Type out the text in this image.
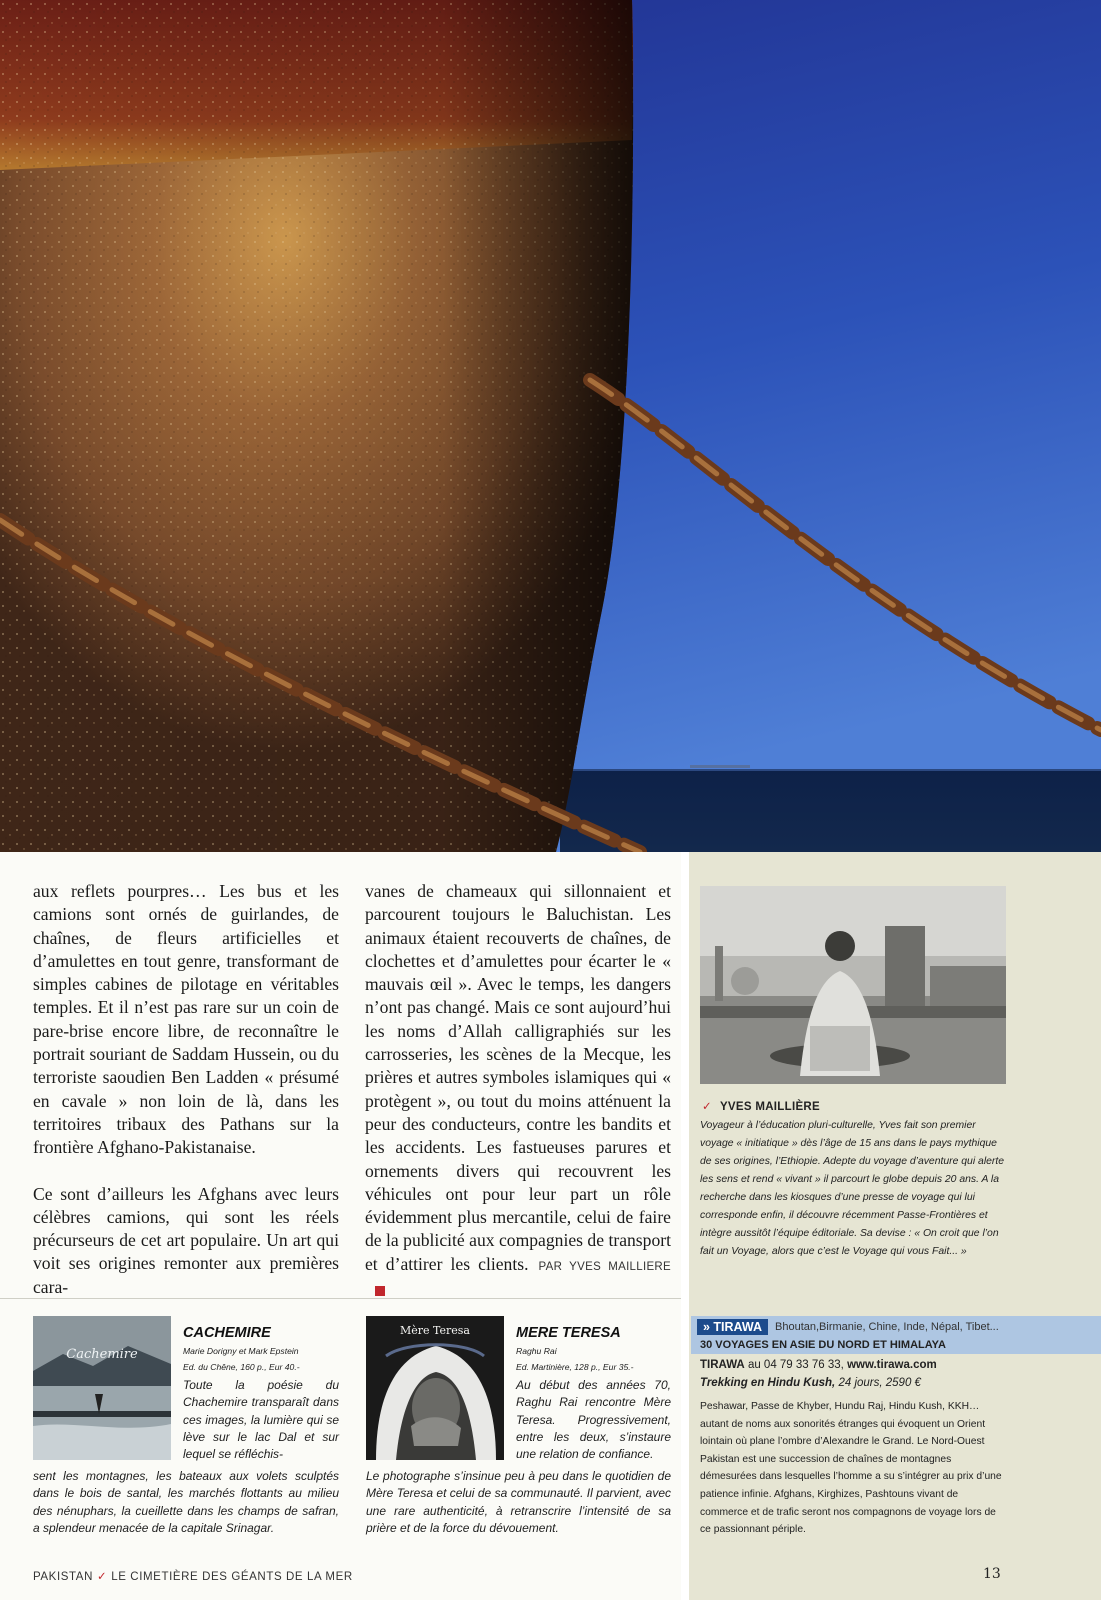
aux reflets pourpres… Les bus et les camions sont ornés de guirlandes, de chaînes, de fleurs artificielles et d’amulettes en tout genre, transformant de simples cabines de pilotage en véritables temples. Et il n’est pas rare sur un coin de pare-brise encore libre, de reconnaître le portrait souriant de Saddam Hussein, ou du terroriste saoudien Ben Ladden « présumé en cavale » non loin de là, dans les territoires tribaux des Pathans sur la frontière Afghano-Pakistanaise.

Ce sont d’ailleurs les Afghans avec leurs célèbres camions, qui sont les réels précurseurs de cet art populaire. Un art qui voit ses origines remonter aux premières cara-

vanes de chameaux qui sillonnaient et parcourent toujours le Baluchistan. Les animaux étaient recouverts de chaînes, de clochettes et d’amulettes pour écarter le « mauvais œil ». Avec le temps, les dangers n’ont pas changé. Mais ce sont aujourd’hui les noms d’Allah calligraphiés sur les carrosseries, les scènes de la Mecque, les prières et autres symboles islamiques qui « protègent », ou tout du moins atténuent la peur des conducteurs, contre les bandits et les accidents. Les fastueuses parures et ornements divers qui recouvrent les véhicules ont pour leur part un rôle évidemment plus mercantile, celui de faire de la publicité aux compagnies de transport et d’attirer les clients. PAR YVES MAILLIERE

✓ YVES MAILLIÈRE
Voyageur à l’éducation pluri-culturelle, Yves fait son premier voyage « initiatique » dès l’âge de 15 ans dans le pays mythique de ses origines, l’Ethiopie. Adepte du voyage d’aventure qui alerte les sens et rend « vivant » il parcourt le globe depuis 20 ans. A la recherche dans les kiosques d’une presse de voyage qui lui corresponde enfin, il découvre récemment Passe-Frontières et intègre aussitôt l’équipe éditoriale. Sa devise : « On croit que l’on fait un Voyage, alors que c’est le Voyage qui vous Fait... »
» TIRAWA	Bhoutan,Birmanie, Chine, Inde, Népal, Tibet...
30 VOYAGES EN ASIE DU NORD ET HIMALAYA
TIRAWA au 04 79 33 76 33, www.tirawa.com
Trekking en Hindu Kush, 24 jours, 2590 €
Peshawar, Passe de Khyber, Hundu Raj, Hindu Kush, KKH… autant de noms aux sonorités étranges qui évoquent un Orient lointain où plane l’ombre d’Alexandre le Grand. Le Nord-Ouest Pakistan est une succession de chaînes de montagnes démesurées dans lesquelles l’homme a su s’intégrer au prix d’une patience infinie. Afghans, Kirghizes, Pashtouns vivant de commerce et de trafic seront nos compagnons de voyage lors de ce passionnant périple.
Cachemire
CACHEMIRE
Marie Dorigny et Mark Epstein
Ed. du Chêne, 160 p., Eur 40.-
Toute la poésie du Chachemire transparaît dans ces images, la lumière qui se lève sur le lac Dal et sur lequel se réfléchis-
sent les montagnes, les bateaux aux volets sculptés dans le bois de santal, les marchés flottants au milieu des nénuphars, la cueillette dans les champs de safran, a splendeur menacée de la capitale Srinagar.
Mère Teresa	MERE TERESA
Raghu Rai
Ed. Martinière, 128 p., Eur 35.-
Au début des années 70, Raghu Rai rencontre Mère Teresa. Progressivement, entre les deux, s’instaure une relation de confiance.
Le photographe s’insinue peu à peu dans le quotidien de Mère Teresa et celui de sa communauté. Il parvient, avec une rare authenticité, à retranscrire l’intensité de sa prière et de la force du dévouement.
PAKISTAN ✓ LE CIMETIÈRE DES GÉANTS DE LA MER	13
